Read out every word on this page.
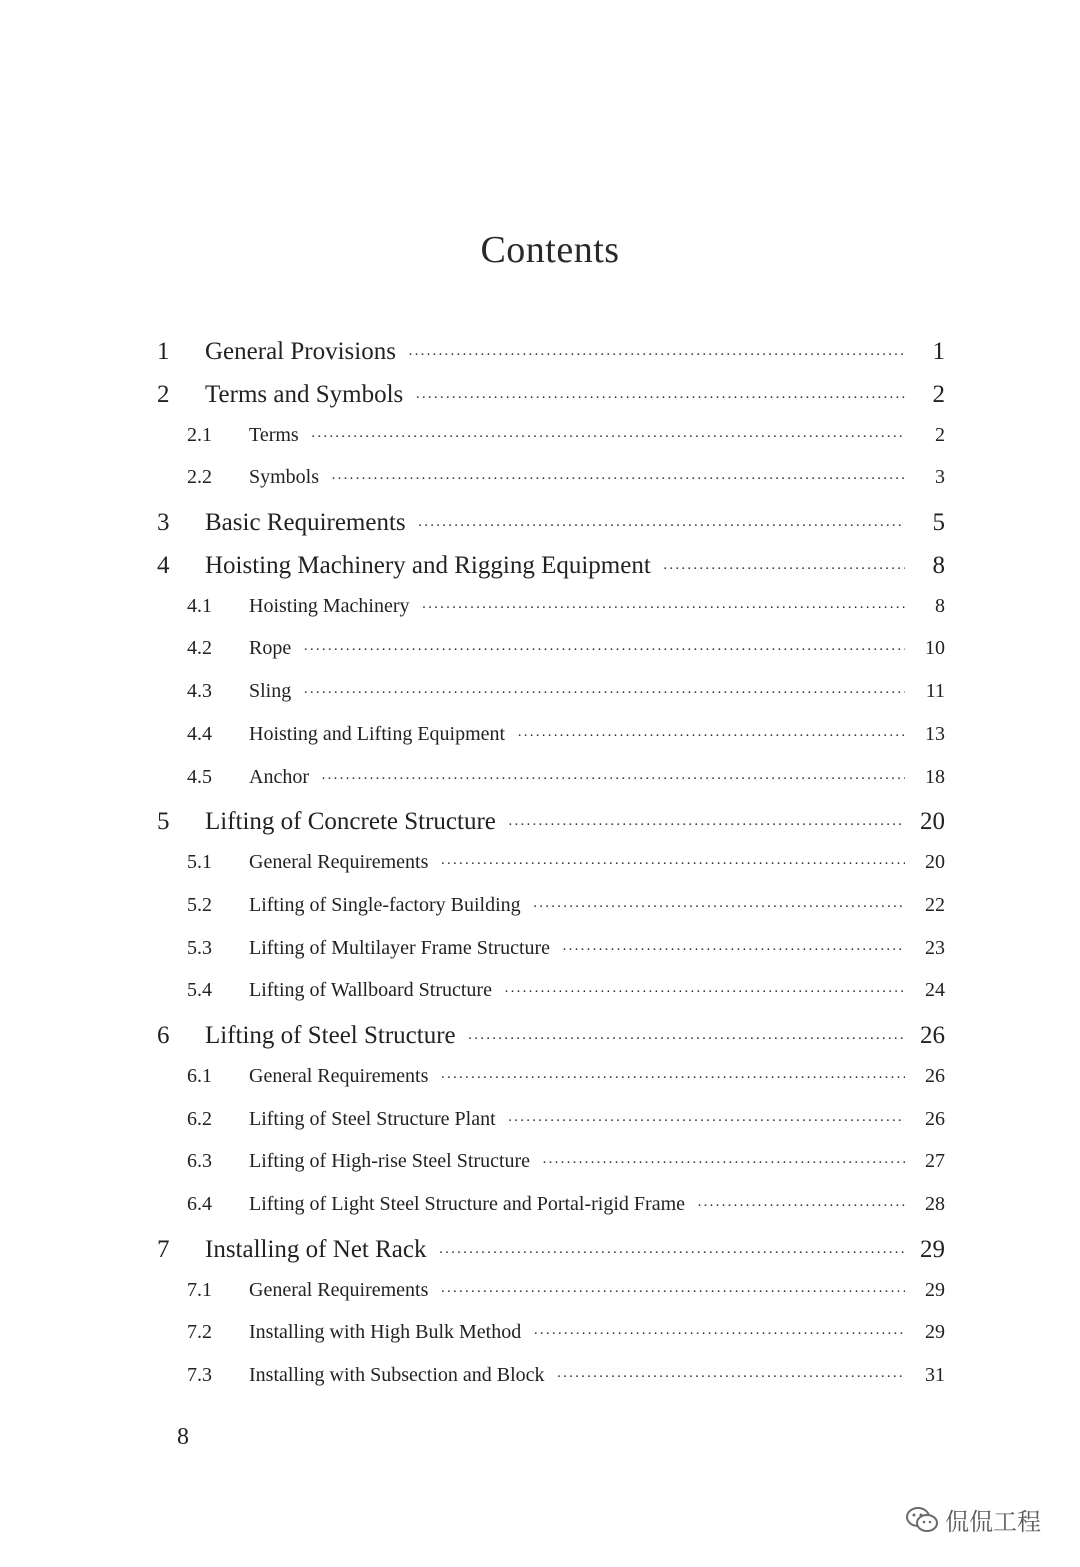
Contents
1	General Provisions ·····	1
2	Terms and Symbols ·····	2
2.1	Terms ·····	2
2.2	Symbols ·····	3
3	Basic Requirements ·····	5
4	Hoisting Machinery and Rigging Equipment ·····	8
4.1	Hoisting Machinery ·····	8
4.2	Rope ·····	10
4.3	Sling ·····	11
4.4	Hoisting and Lifting Equipment ·····	13
4.5	Anchor ·····	18
5	Lifting of Concrete Structure ·····	20
5.1	General Requirements ·····	20
5.2	Lifting of Single-factory Building ·····	22
5.3	Lifting of Multilayer Frame Structure ·····	23
5.4	Lifting of Wallboard Structure ·····	24
6	Lifting of Steel Structure ·····	26
6.1	General Requirements ·····	26
6.2	Lifting of Steel Structure Plant ·····	26
6.3	Lifting of High-rise Steel Structure ·····	27
6.4	Lifting of Light Steel Structure and Portal-rigid Frame ·····	28
7	Installing of Net Rack ·····	29
7.1	General Requirements ·····	29
7.2	Installing with High Bulk Method ·····	29
7.3	Installing with Subsection and Block ·····	31
8
侃侃工程
